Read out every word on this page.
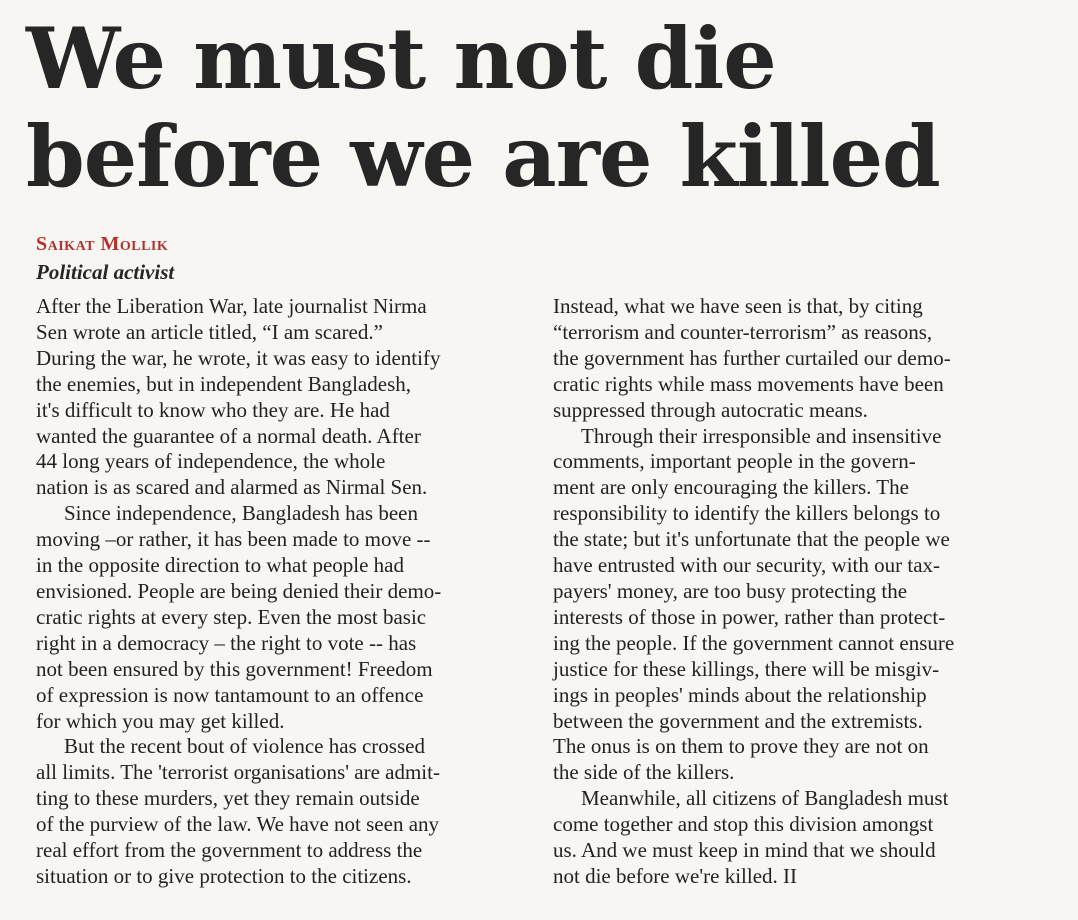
We must not die
before we are killed
Saikat Mollik
Political activist
After the Liberation War, late journalist Nirma
Sen wrote an article titled, “I am scared.”
During the war, he wrote, it was easy to identify
the enemies, but in independent Bangladesh,
it's difficult to know who they are. He had
wanted the guarantee of a normal death. After
44 long years of independence, the whole
nation is as scared and alarmed as Nirmal Sen.
Since independence, Bangladesh has been
moving –or rather, it has been made to move --
in the opposite direction to what people had
envisioned. People are being denied their demo-
cratic rights at every step. Even the most basic
right in a democracy – the right to vote -- has
not been ensured by this government! Freedom
of expression is now tantamount to an offence
for which you may get killed.
But the recent bout of violence has crossed
all limits. The 'terrorist organisations' are admit-
ting to these murders, yet they remain outside
of the purview of the law. We have not seen any
real effort from the government to address the
situation or to give protection to the citizens.
Instead, what we have seen is that, by citing
“terrorism and counter-terrorism” as reasons,
the government has further curtailed our demo-
cratic rights while mass movements have been
suppressed through autocratic means.
Through their irresponsible and insensitive
comments, important people in the govern-
ment are only encouraging the killers. The
responsibility to identify the killers belongs to
the state; but it's unfortunate that the people we
have entrusted with our security, with our tax-
payers' money, are too busy protecting the
interests of those in power, rather than protect-
ing the people. If the government cannot ensure
justice for these killings, there will be misgiv-
ings in peoples' minds about the relationship
between the government and the extremists.
The onus is on them to prove they are not on
the side of the killers.
Meanwhile, all citizens of Bangladesh must
come together and stop this division amongst
us. And we must keep in mind that we should
not die before we're killed. II
